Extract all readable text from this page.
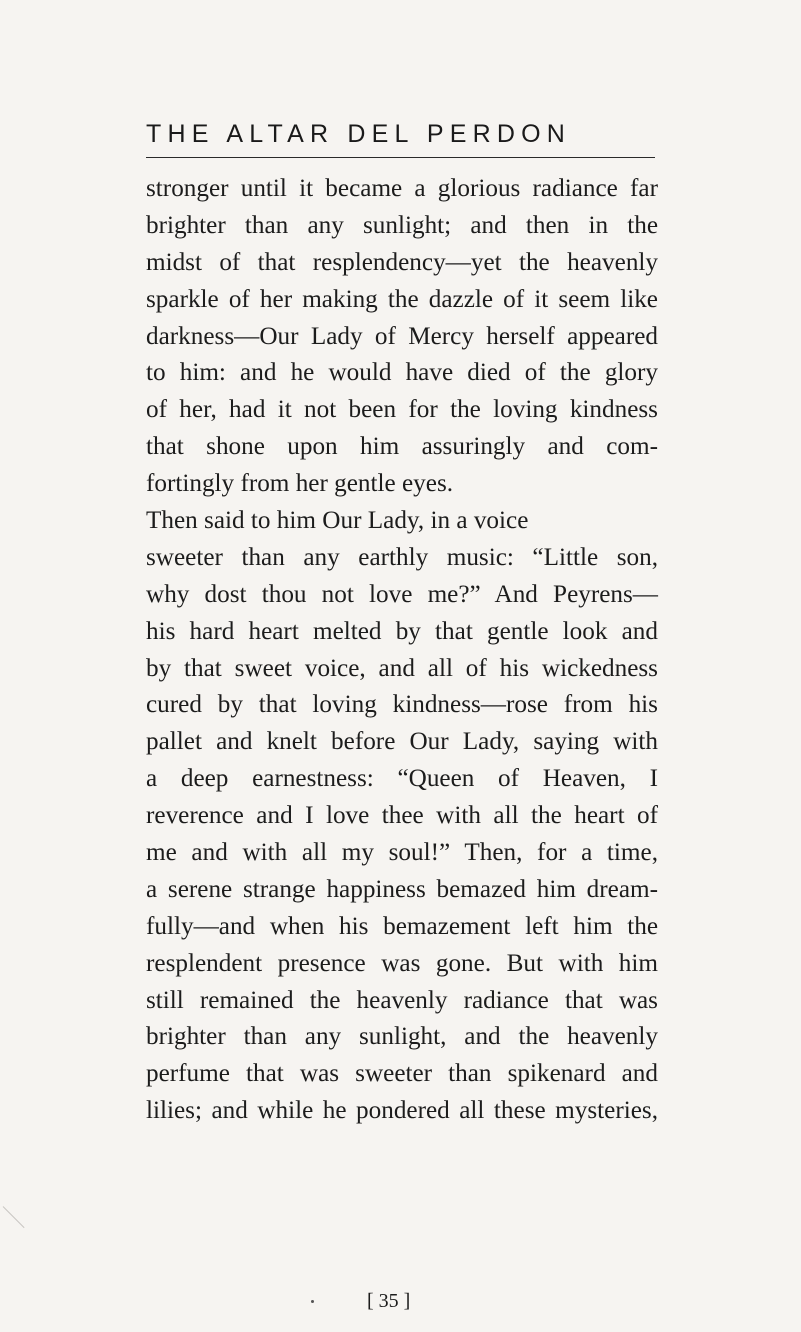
THE ALTAR DEL PERDON
stronger until it became a glorious radiance far
brighter than any sunlight; and then in the
midst of that resplendency—yet the heavenly
sparkle of her making the dazzle of it seem like
darkness—Our Lady of Mercy herself appeared
to him: and he would have died of the glory
of her, had it not been for the loving kindness
that shone upon him assuringly and com-
fortingly from her gentle eyes.
Then said to him Our Lady, in a voice
sweeter than any earthly music: “Little son,
why dost thou not love me?” And Peyrens—
his hard heart melted by that gentle look and
by that sweet voice, and all of his wickedness
cured by that loving kindness—rose from his
pallet and knelt before Our Lady, saying with
a deep earnestness: “Queen of Heaven, I
reverence and I love thee with all the heart of
me and with all my soul!” Then, for a time,
a serene strange happiness bemazed him dream-
fully—and when his bemazement left him the
resplendent presence was gone. But with him
still remained the heavenly radiance that was
brighter than any sunlight, and the heavenly
perfume that was sweeter than spikenard and
lilies; and while he pondered all these mysteries,
[ 35 ]
